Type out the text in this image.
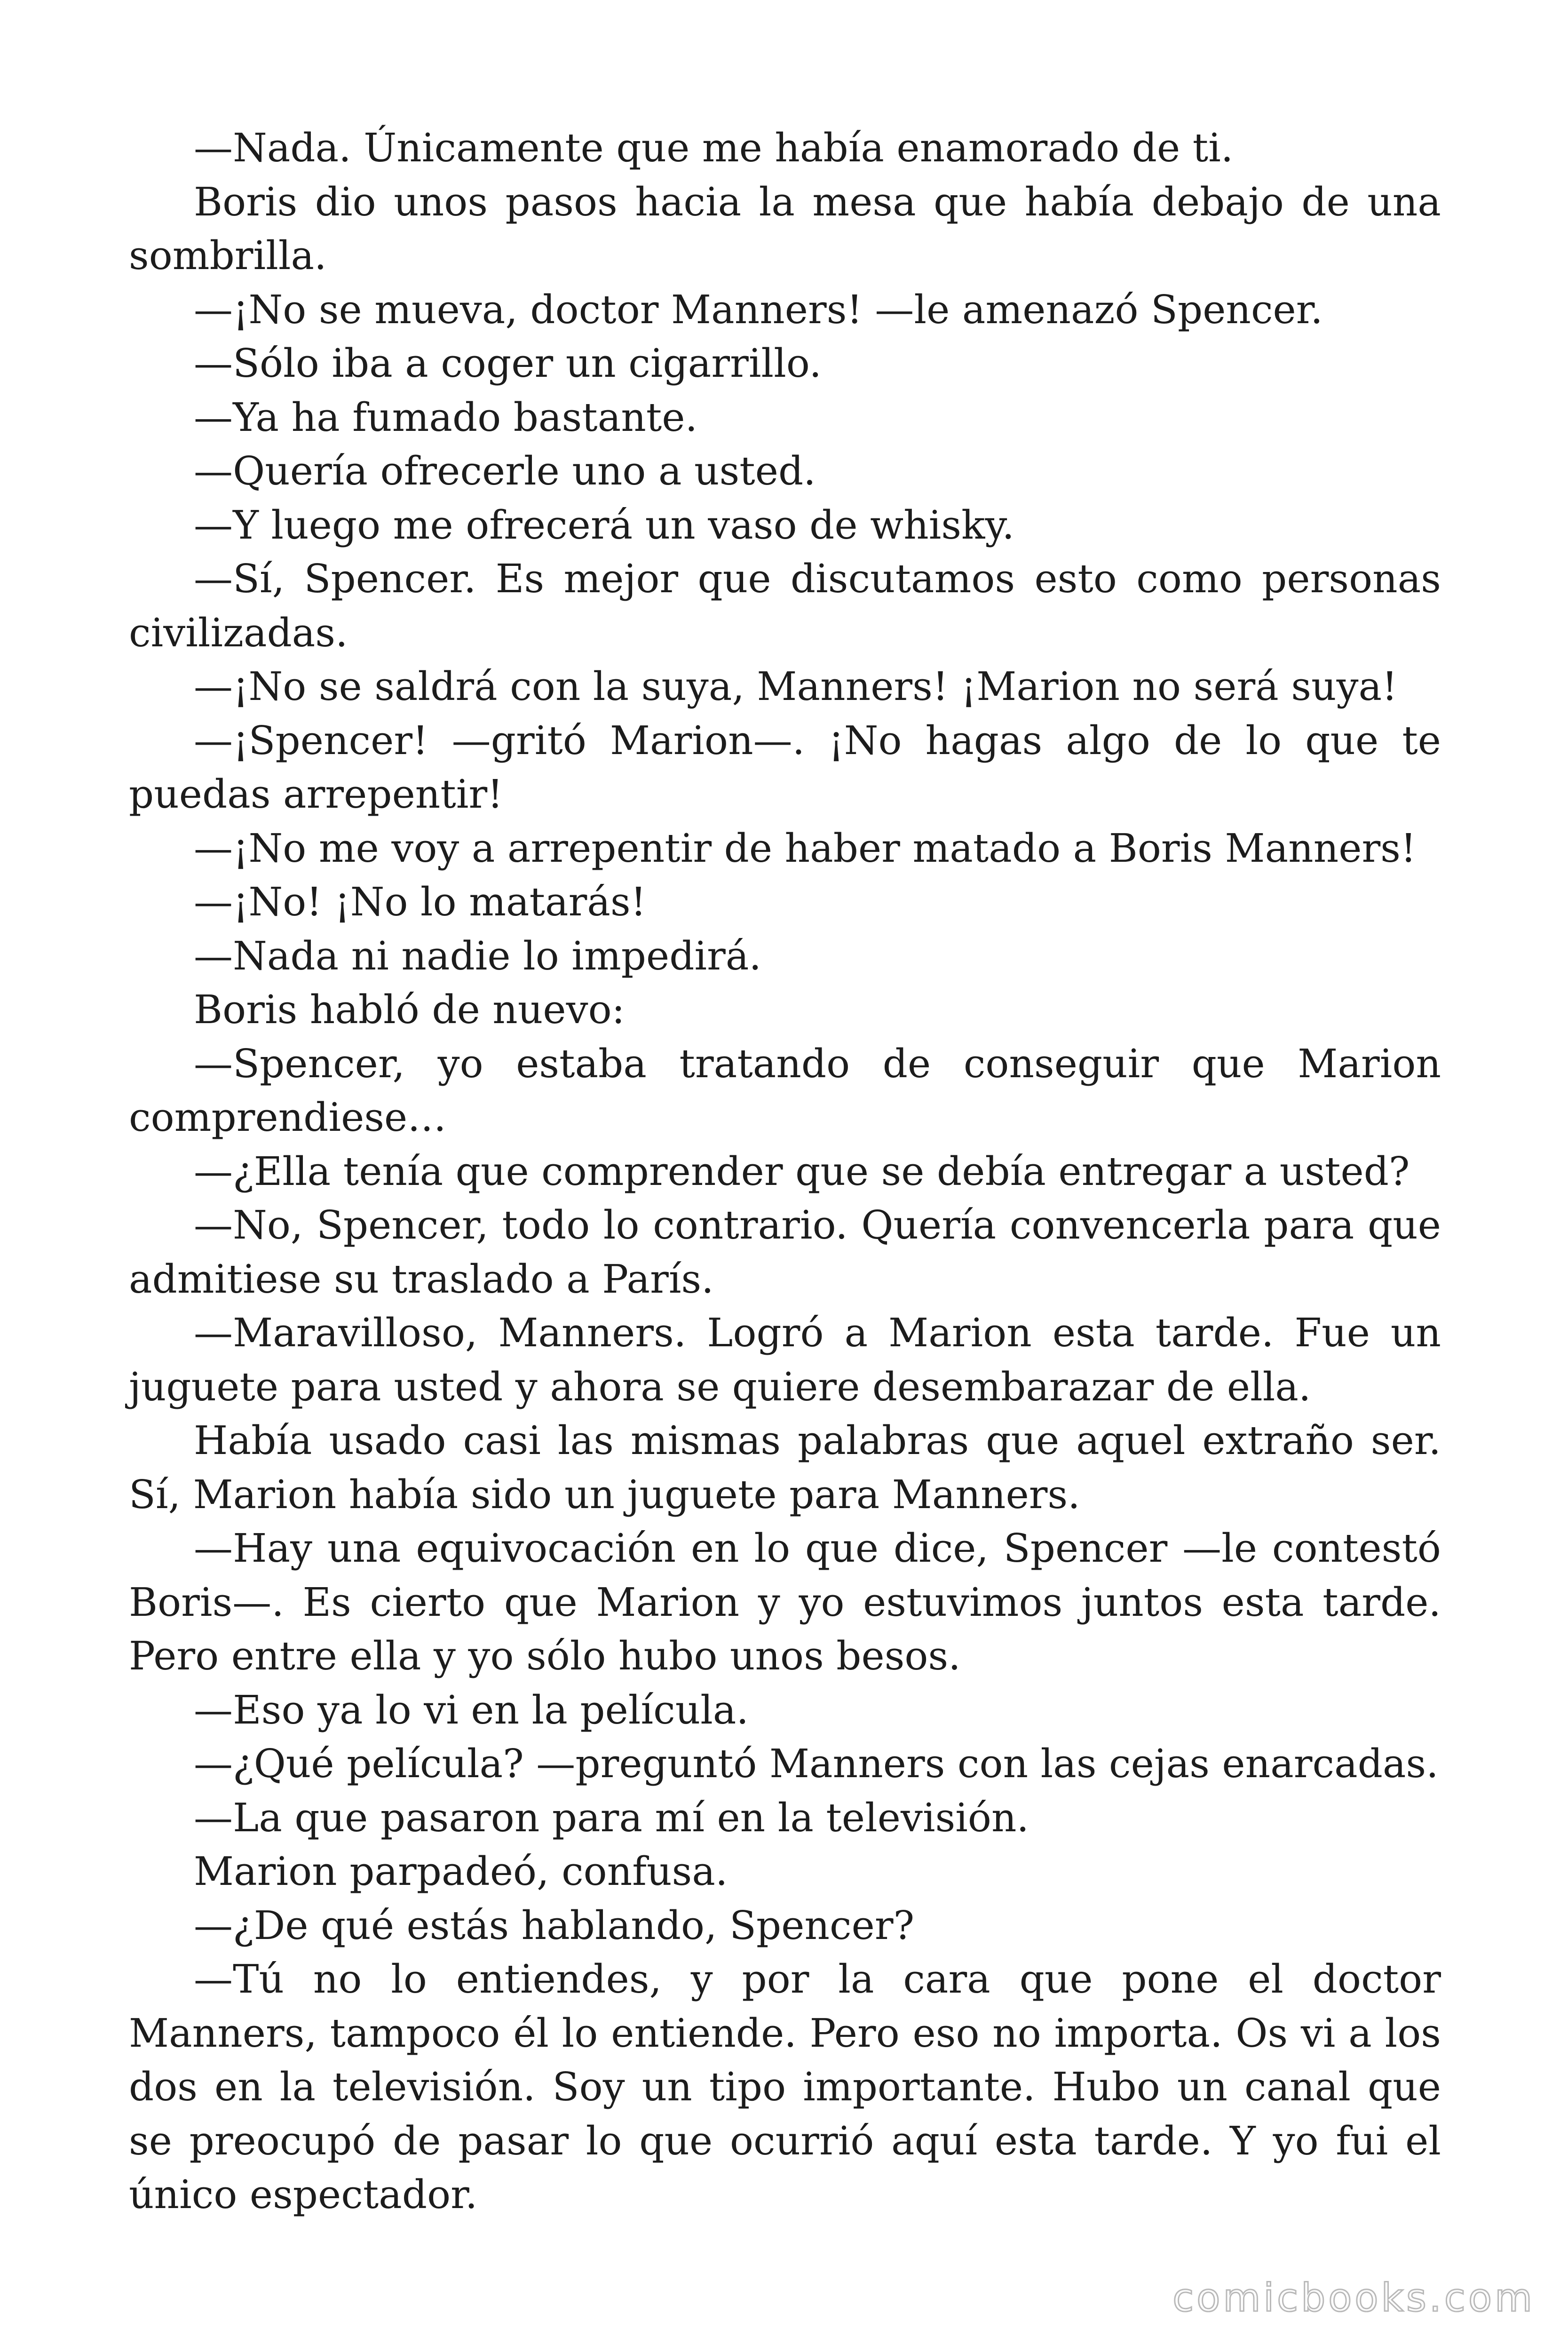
—Nada. Únicamente que me había enamorado de ti.

Boris dio unos pasos hacia la mesa que había debajo de una sombrilla.

—¡No se mueva, doctor Manners! —le amenazó Spencer.

—Sólo iba a coger un cigarrillo.

—Ya ha fumado bastante.

—Quería ofrecerle uno a usted.

—Y luego me ofrecerá un vaso de whisky.

—Sí, Spencer. Es mejor que discutamos esto como personas civilizadas.

—¡No se saldrá con la suya, Manners! ¡Marion no será suya!

—¡Spencer! —gritó Marion—. ¡No hagas algo de lo que te puedas arrepentir!

—¡No me voy a arrepentir de haber matado a Boris Manners!

—¡No! ¡No lo matarás!

—Nada ni nadie lo impedirá.

Boris habló de nuevo:

—Spencer, yo estaba tratando de conseguir que Marion comprendiese…

—¿Ella tenía que comprender que se debía entregar a usted?

—No, Spencer, todo lo contrario. Quería convencerla para que admitiese su traslado a París.

—Maravilloso, Manners. Logró a Marion esta tarde. Fue un juguete para usted y ahora se quiere desembarazar de ella.

Había usado casi las mismas palabras que aquel extraño ser. Sí, Marion había sido un juguete para Manners.

—Hay una equivocación en lo que dice, Spencer —le contestó Boris—. Es cierto que Marion y yo estuvimos juntos esta tarde. Pero entre ella y yo sólo hubo unos besos.

—Eso ya lo vi en la película.

—¿Qué película? —preguntó Manners con las cejas enarcadas.

—La que pasaron para mí en la televisión.

Marion parpadeó, confusa.

—¿De qué estás hablando, Spencer?

—Tú no lo entiendes, y por la cara que pone el doctor Manners, tampoco él lo entiende. Pero eso no importa. Os vi a los dos en la televisión. Soy un tipo importante. Hubo un canal que se preocupó de pasar lo que ocurrió aquí esta tarde. Y yo fui el único espectador.

comicbooks.com
